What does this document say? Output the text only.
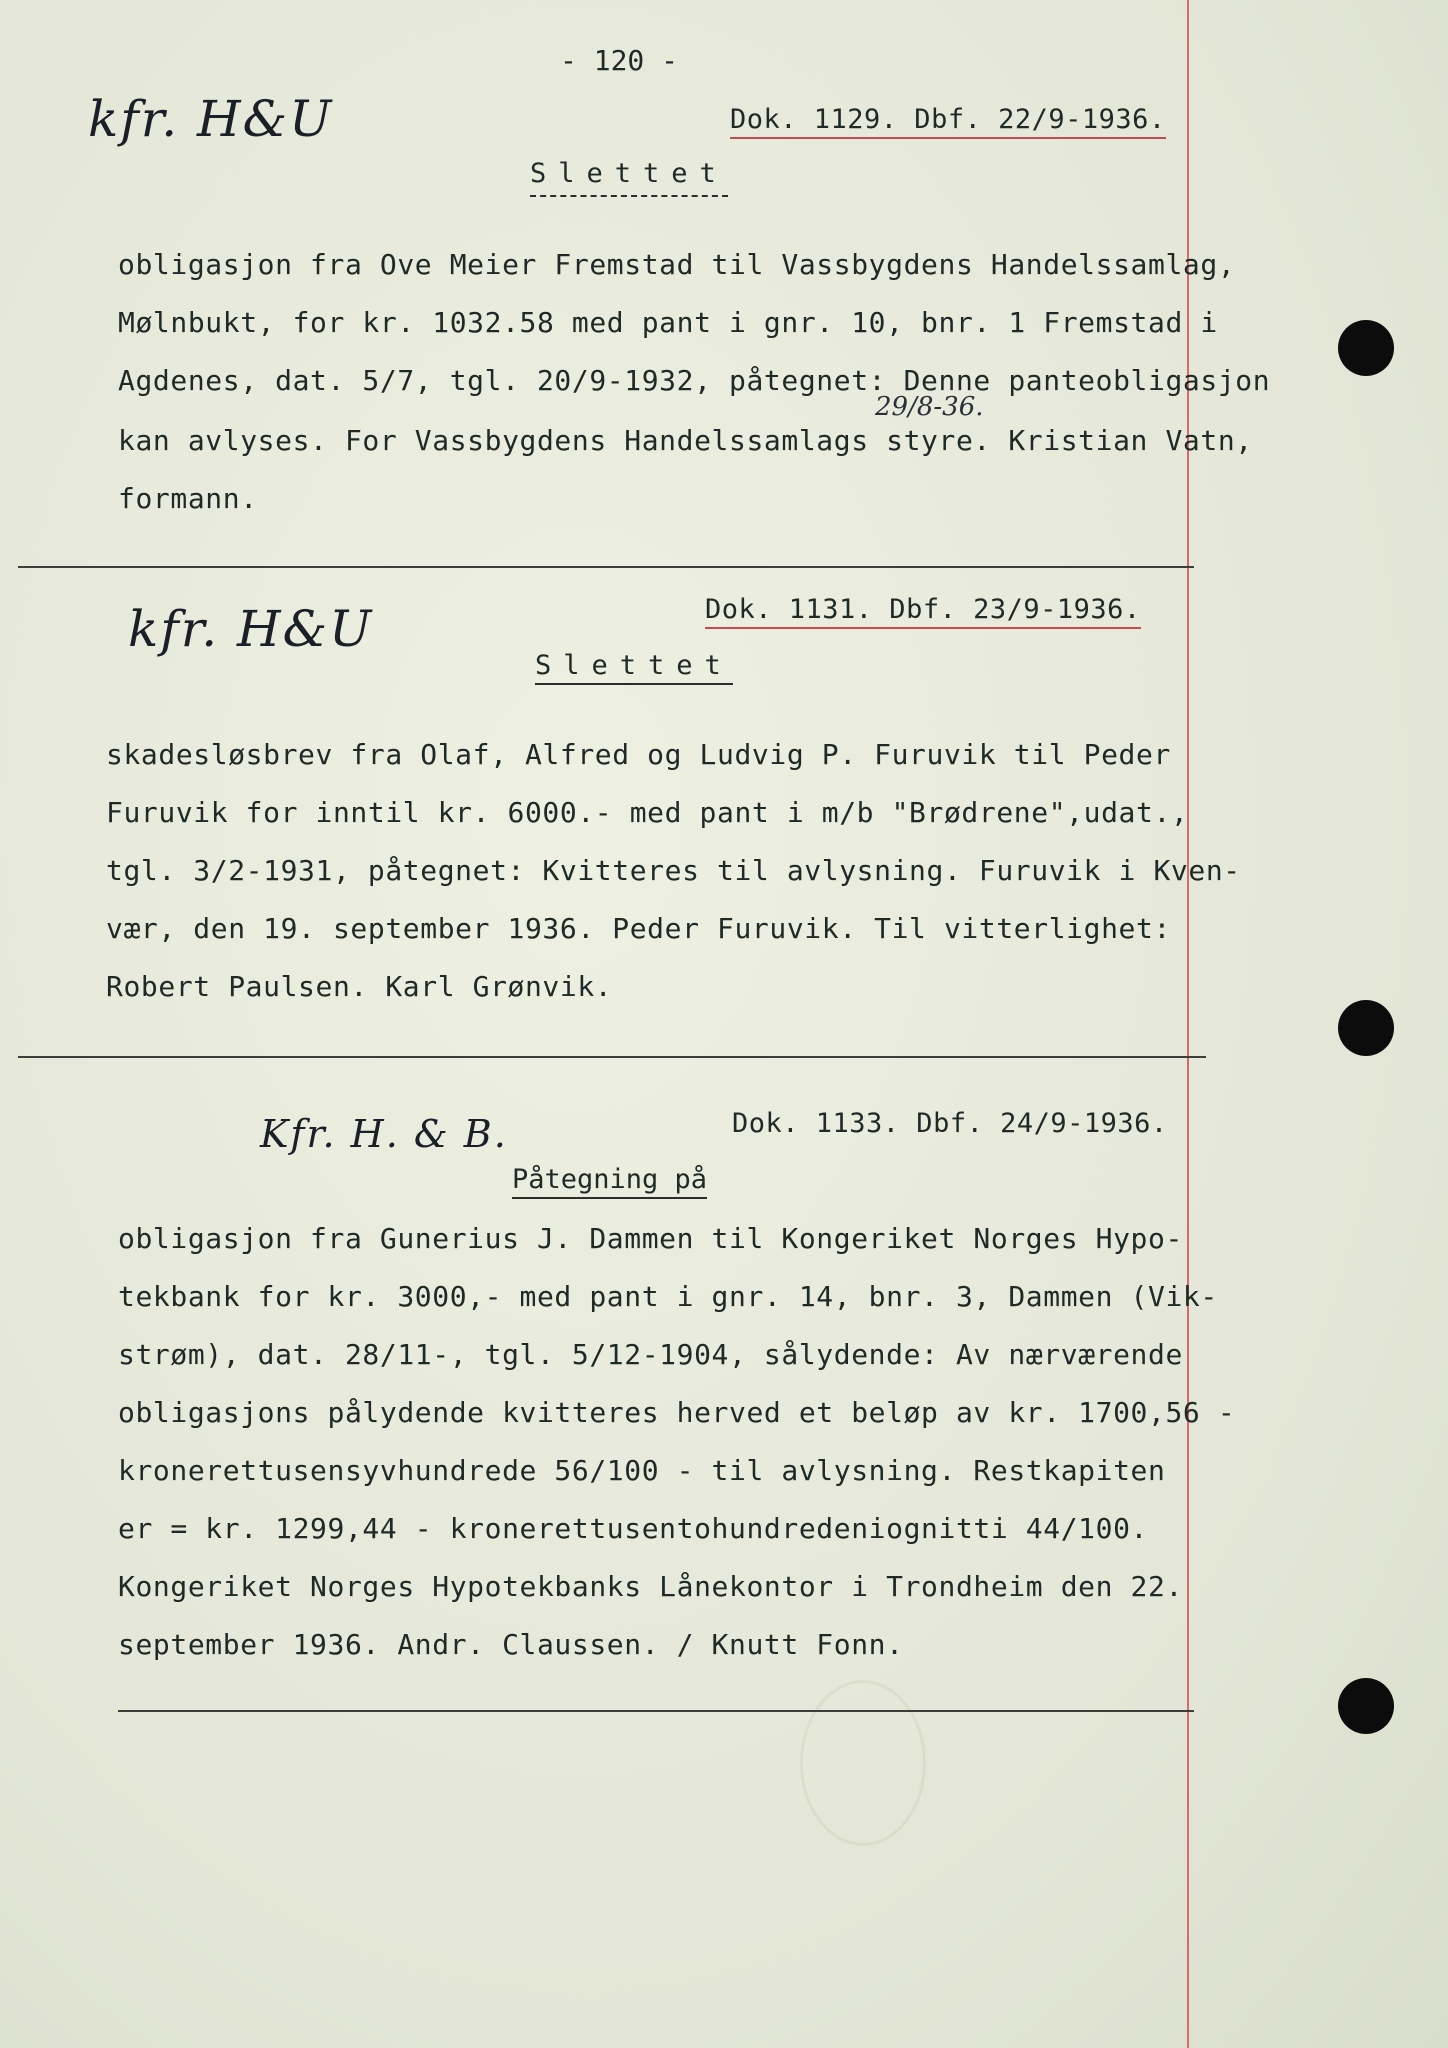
- 120 -
kfr. H&U	Dok. 1129. Dbf. 22/9-1936.
Slettet
obligasjon fra Ove Meier Fremstad til Vassbygdens Handelssamlag,
Mølnbukt, for kr. 1032.58 med pant i gnr. 10, bnr. 1 Fremstad i
Agdenes, dat. 5/7, tgl. 20/9-1932, påtegnet: Denne panteobligasjon
kan avlyses. For Vassbygdens Handelssamlags styre. Kristian Vatn,
formann.
29/8-36.
kfr. H&U	Dok. 1131. Dbf. 23/9-1936.
Slettet
skadesløsbrev fra Olaf, Alfred og Ludvig P. Furuvik til Peder
Furuvik for inntil kr. 6000.- med pant i m/b "Brødrene",udat.,
tgl. 3/2-1931, påtegnet: Kvitteres til avlysning. Furuvik i Kven-
vær, den 19. september 1936. Peder Furuvik. Til vitterlighet:
Robert Paulsen. Karl Grønvik.
Kfr. H. & B.	Dok. 1133. Dbf. 24/9-1936.
Påtegning på
obligasjon fra Gunerius J. Dammen til Kongeriket Norges Hypo-
tekbank for kr. 3000,- med pant i gnr. 14, bnr. 3, Dammen (Vik-
strøm), dat. 28/11-, tgl. 5/12-1904, sålydende: Av nærværende
obligasjons pålydende kvitteres herved et beløp av kr. 1700,56 -
kronerettusensyvhundrede 56/100 - til avlysning. Restkapiten
er = kr. 1299,44 - kronerettusentohundredeniognitti 44/100.
Kongeriket Norges Hypotekbanks Lånekontor i Trondheim den 22.
september 1936. Andr. Claussen. / Knutt Fonn.
